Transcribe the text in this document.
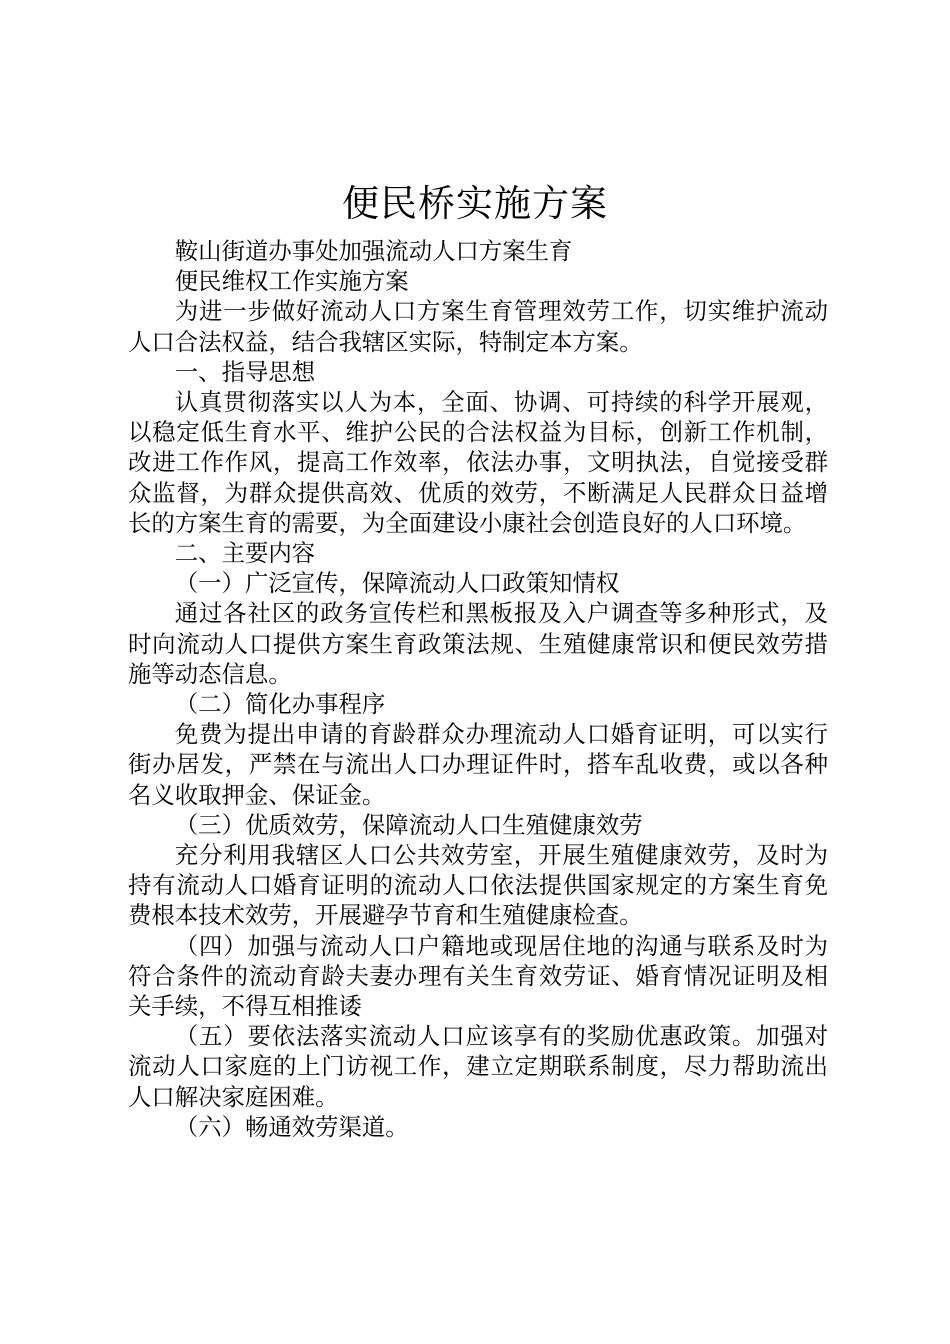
便民桥实施方案

鞍山街道办事处加强流动人口方案生育

便民维权工作实施方案

为进一步做好流动人口方案生育管理效劳工作，切实维护流动人口合法权益，结合我辖区实际，特制定本方案。

一、指导思想

认真贯彻落实以人为本，全面、协调、可持续的科学开展观，以稳定低生育水平、维护公民的合法权益为目标，创新工作机制，改进工作作风，提高工作效率，依法办事，文明执法，自觉接受群众监督，为群众提供高效、优质的效劳，不断满足人民群众日益增长的方案生育的需要，为全面建设小康社会创造良好的人口环境。

二、主要内容

（一）广泛宣传，保障流动人口政策知情权

通过各社区的政务宣传栏和黑板报及入户调查等多种形式，及时向流动人口提供方案生育政策法规、生殖健康常识和便民效劳措施等动态信息。

（二）简化办事程序

免费为提出申请的育龄群众办理流动人口婚育证明，可以实行街办居发，严禁在与流出人口办理证件时，搭车乱收费，或以各种名义收取押金、保证金。

（三）优质效劳，保障流动人口生殖健康效劳

充分利用我辖区人口公共效劳室，开展生殖健康效劳，及时为持有流动人口婚育证明的流动人口依法提供国家规定的方案生育免费根本技术效劳，开展避孕节育和生殖健康检查。

（四）加强与流动人口户籍地或现居住地的沟通与联系及时为符合条件的流动育龄夫妻办理有关生育效劳证、婚育情况证明及相关手续，不得互相推诿

（五）要依法落实流动人口应该享有的奖励优惠政策。加强对流动人口家庭的上门访视工作，建立定期联系制度，尽力帮助流出人口解决家庭困难。

（六）畅通效劳渠道。
